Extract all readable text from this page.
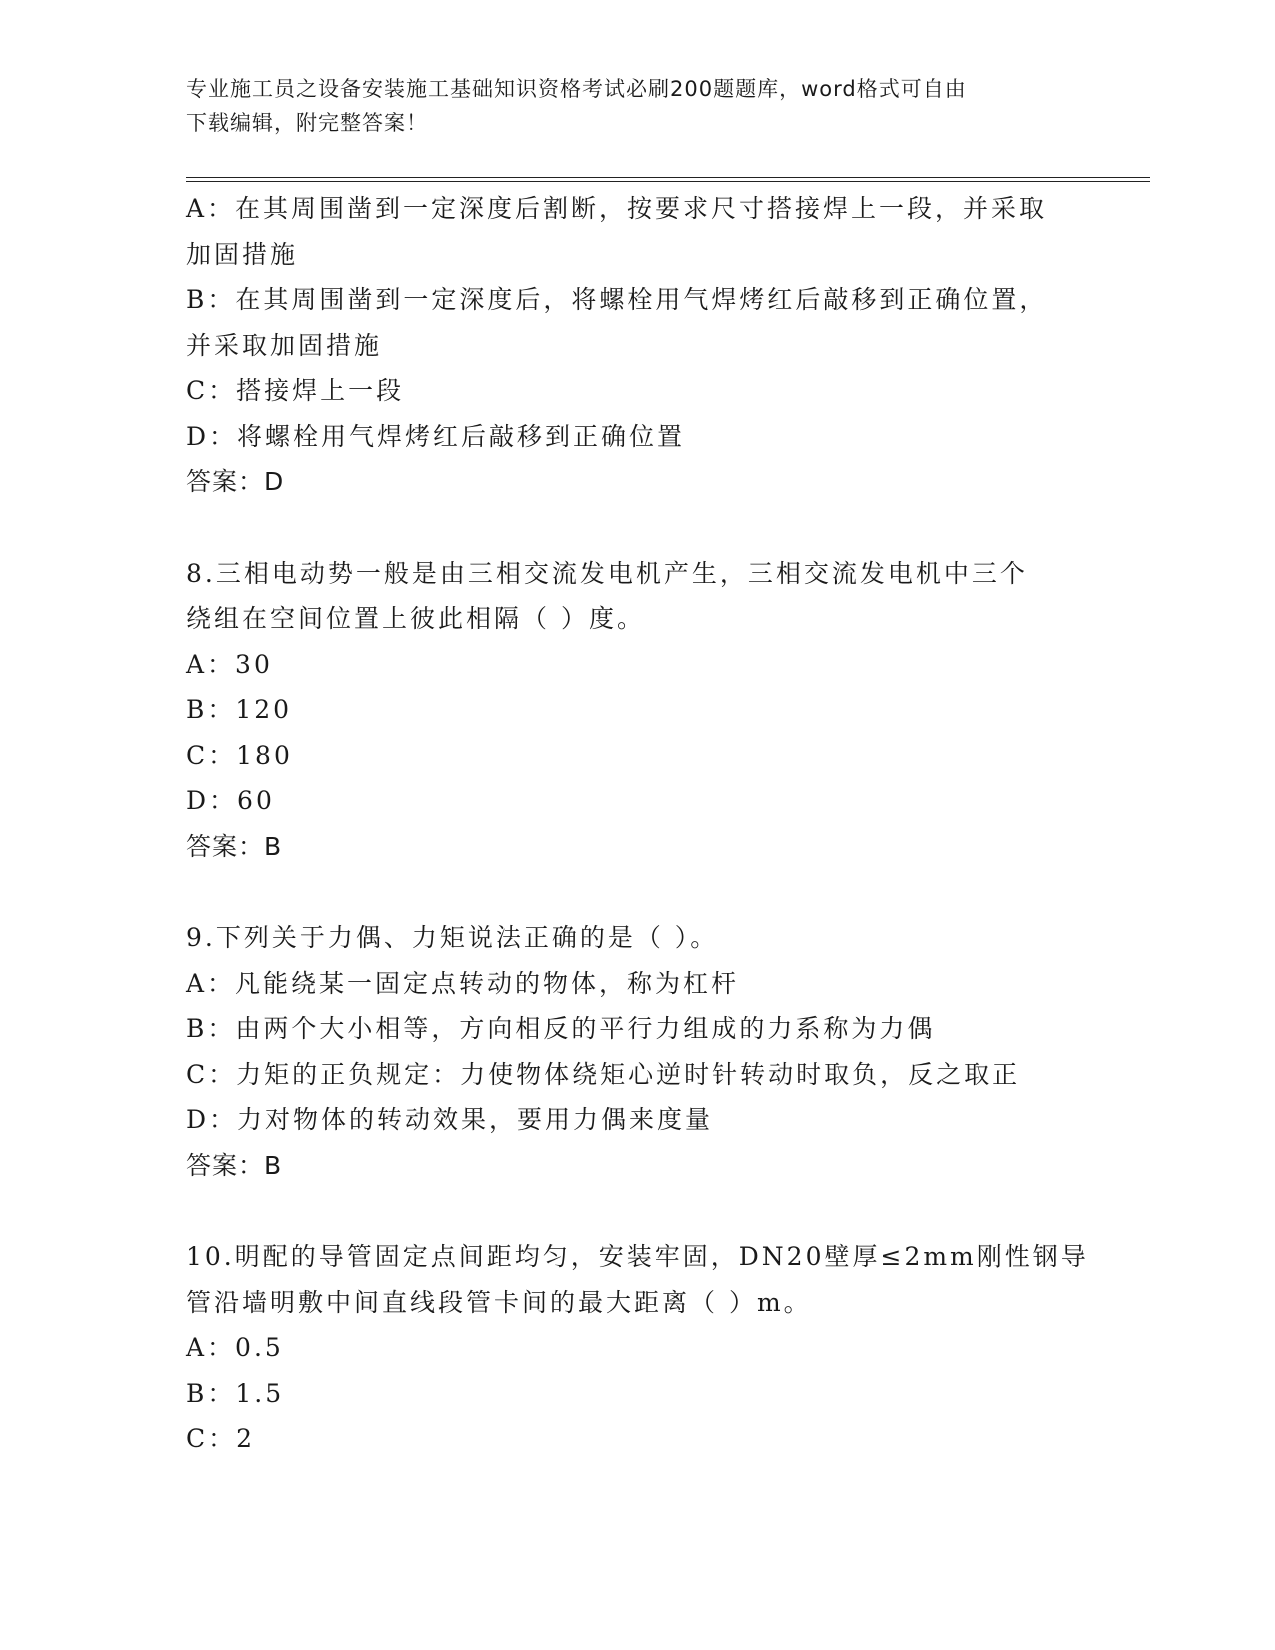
专业施工员之设备安装施工基础知识资格考试必刷200题题库，word格式可自由
下载编辑，附完整答案！
A：在其周围凿到一定深度后割断，按要求尺寸搭接焊上一段，并采取
加固措施
B：在其周围凿到一定深度后，将螺栓用气焊烤红后敲移到正确位置，
并采取加固措施
C：搭接焊上一段
D：将螺栓用气焊烤红后敲移到正确位置
答案：D
8.三相电动势一般是由三相交流发电机产生，三相交流发电机中三个
绕组在空间位置上彼此相隔（ ）度。
A：30
B：120
C：180
D：60
答案：B
9.下列关于力偶、力矩说法正确的是（ ）。
A：凡能绕某一固定点转动的物体，称为杠杆
B：由两个大小相等，方向相反的平行力组成的力系称为力偶
C：力矩的正负规定：力使物体绕矩心逆时针转动时取负，反之取正
D：力对物体的转动效果，要用力偶来度量
答案：B
10.明配的导管固定点间距均匀，安装牢固，DN20壁厚≤2mm刚性钢导
管沿墙明敷中间直线段管卡间的最大距离（ ）m。
A：0.5
B：1.5
C：2
